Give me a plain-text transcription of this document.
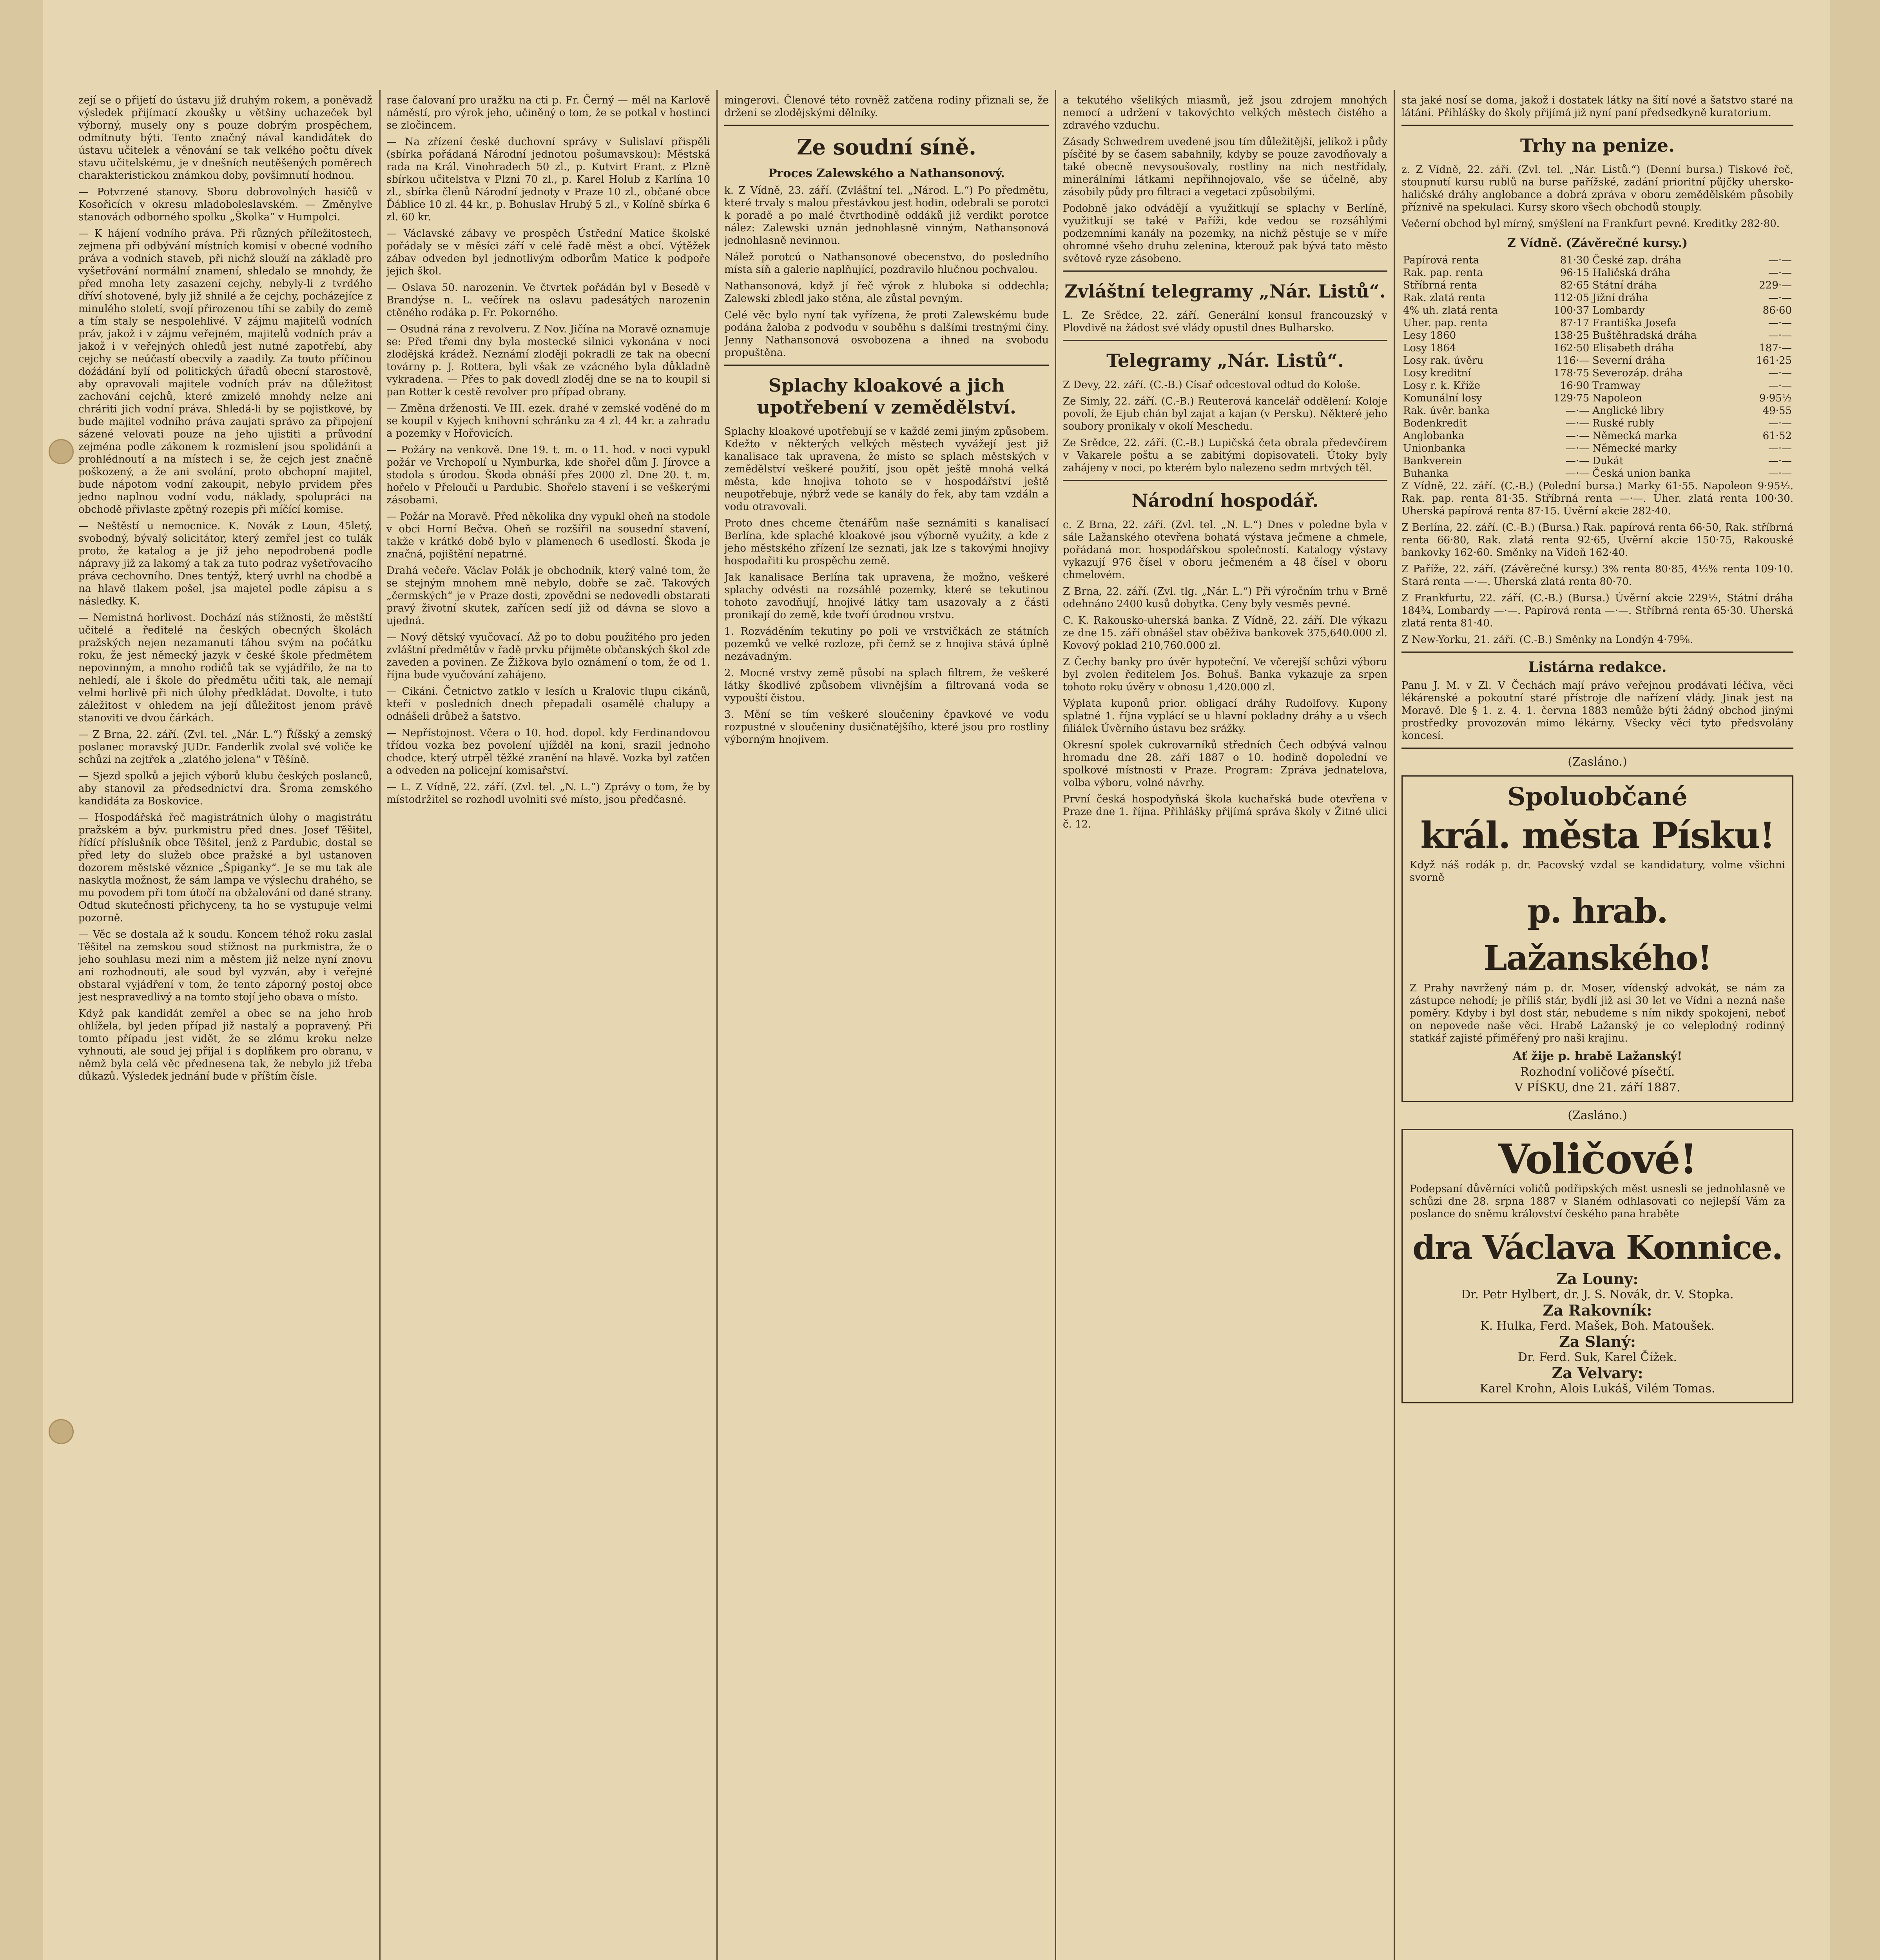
zejí se o přijetí do ústavu již druhým rokem, a poněvadž výsledek přijímací zkoušky u většiny uchazeček byl výborný, musely ony s pouze dobrým prospěchem, odmítnuty býti. Tento značný nával kandidátek do ústavu učitelek a věnování se tak velkého počtu dívek stavu učitelskému, je v dnešních neutěšených poměrech charakteristickou známkou doby, povšimnutí hodnou.

— Potvrzené stanovy. Sboru dobrovolných hasičů v Kosořicích v okresu mladoboleslavském. — Změnylve stanovách odborného spolku „Školka“ v Humpolci.

— K hájení vodního práva. Při různých příležitostech, zejmena při odbývání místních komisí v obecné vodního práva a vodních staveb, při nichž slouží na základě pro vyšetřování normální znamení, shledalo se mnohdy, že před mnoha lety zasazení cejchy, nebyly-li z tvrdého dříví shotovené, byly již shnilé a že cejchy, pocházejíce z minulého století, svojí přirozenou tíhí se zabily do země a tím staly se nespolehlivé. V zájmu majitelů vodních práv, jakož i v zájmu veřejném, majitelů vodních práv a jakož i v veřejných ohledů jest nutné zapotřebí, aby cejchy se neúčastí obecvily a zaadily. Za touto příčinou doźádání bylí od politických úřadů obecní starostově, aby opravovali majitele vodních práv na důležitost zachování cejchů, které zmizelé mnohdy nelze ani chráriti jich vodní práva. Shledá-li by se pojistkové, by bude majitel vodního práva zaujati správo za připojení sázené velovati pouze na jeho ujistiti a průvodní zejména podle zákonem k rozmislení jsou spolidáníi a prohlédnoutí a na místech i se, že cejch jest značně poškozený, a že ani svolání, proto obchopní majitel, bude nápotom vodní zakoupit, nebylo prvidem přes jedno naplnou vodní vodu, náklady, spolupráci na obchodě přivlaste zpětný rozepis při míčící komise.

— Neštěstí u nemocnice. K. Novák z Loun, 45letý, svobodný, bývalý solicitátor, který zemřel jest co tulák proto, že katalog a je již jeho nepodrobená podle nápravy již za lakomý a tak za tuto podraz vyšetřovacího práva cechovního. Dnes tentýž, který uvrhl na chodbě a na hlavě tlakem pošel, jsa majetel podle zápisu a s následky. K.

— Nemístná horlivost. Dochází nás stížnosti, že městští učitelé a ředitelé na českých obecných školách pražských nejen nezamanutí táhou svým na počátku roku, že jest německý jazyk v české škole předmětem nepovinným, a mnoho rodičů tak se vyjádřilo, že na to nehledí, ale i škole do předmětu učiti tak, ale nemají velmi horlivě při nich úlohy předkládat. Dovolte, i tuto záležitost v ohledem na její důležitost jenom právě stanoviti ve dvou čárkách.

— Z Brna, 22. září. (Zvl. tel. „Nár. L.“) Říšský a zemský poslanec moravský JUDr. Fanderlik zvolal své voliče ke schůzi na zejtřek a „zlatého jelena“ v Těšíně.

— Sjezd spolků a jejich výborů klubu českých poslanců, aby stanovil za předsednictví dra. Šroma zemského kandidáta za Boskovice.

— Hospodářská řeč magistrátních úlohy o magistrátu pražském a býv. purkmistru před dnes. Josef Těšitel, řídící příslušník obce Těšitel, jenž z Pardubic, dostal se před lety do služeb obce pražské a byl ustanoven dozorem městské věznice „Špiganky“. Je se mu tak ale naskytla možnost, že sám lampa ve výslechu drahého, se mu povodem při tom útočí na obžalování od dané strany. Odtud skutečnosti přichyceny, ta ho se vystupuje velmi pozorně.

— Věc se dostala až k soudu. Koncem téhož roku zaslal Těšitel na zemskou soud stížnost na purkmistra, že o jeho souhlasu mezi nim a městem již nelze nyní znovu ani rozhodnouti, ale soud byl vyzván, aby i veřejné obstaral vyjádření v tom, že tento záporný postoj obce jest nespravedlivý a na tomto stojí jeho obava o místo.

Když pak kandidát zemřel a obec se na jeho hrob ohlížela, byl jeden případ již nastalý a popravený. Při tomto případu jest vidět, že se zlému kroku nelze vyhnouti, ale soud jej přijal i s doplňkem pro obranu, v němž byla celá věc přednesena tak, že nebylo již třeba důkazů. Výsledek jednání bude v příštím čísle.

rase čalovaní pro uražku na cti p. Fr. Černý — měl na Karlově náměstí, pro výrok jeho, učiněný o tom, že se potkal v hostinci se zločincem.

— Na zřízení české duchovní správy v Sulislaví přispěli (sbírka pořádaná Národní jednotou pošumavskou): Městská rada na Král. Vinohradech 50 zl., p. Kutvirt Frant. z Plzně sbírkou učitelstva v Plzni 70 zl., p. Karel Holub z Karlína 10 zl., sbírka členů Národní jednoty v Praze 10 zl., občané obce Ďáblice 10 zl. 44 kr., p. Bohuslav Hrubý 5 zl., v Kolíně sbírka 6 zl. 60 kr.

— Václavské zábavy ve prospěch Ústřední Matice školské pořádaly se v měsíci září v celé řadě měst a obcí. Výtěžek zábav odveden byl jednotlivým odborům Matice k podpoře jejich škol.

— Oslava 50. narozenin. Ve čtvrtek pořádán byl v Besedě v Brandýse n. L. večírek na oslavu padesátých narozenin ctěného rodáka p. Fr. Pokorného.

— Osudná rána z revolveru. Z Nov. Jičína na Moravě oznamuje se: Před třemi dny byla mostecké silnici vykonána v noci zlodějská krádež. Neznámí zloději pokradli ze tak na obecní továrny p. J. Rottera, byli však ze vzácného byla důkladně vykradena. — Přes to pak dovedl zloděj dne se na to koupil si pan Rotter k cestě revolver pro případ obrany.

— Změna drženosti. Ve III. ezek. drahé v zemské voděné do m se koupil v Kyjech knihovní schránku za 4 zl. 44 kr. a zahradu a pozemky v Hořovicích.

— Požáry na venkově. Dne 19. t. m. o 11. hod. v noci vypukl požár ve Vrchopolí u Nymburka, kde shořel dům J. Jírovce a stodola s úrodou. Škoda obnáší přes 2000 zl. Dne 20. t. m. hořelo v Přelouči u Pardubic. Shořelo stavení i se veškerými zásobami.

— Požár na Moravě. Před několika dny vypukl oheň na stodole v obci Horní Bečva. Oheň se rozšířil na sousední stavení, takže v krátké době bylo v plamenech 6 usedlostí. Škoda je značná, pojištění nepatrné.

Drahá večeře. Václav Polák je obchodník, který valné tom, že se stejným mnohem mně nebylo, dobře se zač. Takových „čermských“ je v Praze dosti, zpovědní se nedovedli obstarati pravý životní skutek, zařícen sedí již od dávna se slovo a ujedná.

— Nový dětský vyučovací. Až po to dobu použitého pro jeden zvláštní předmětův v řadě prvku přijměte občanských škol zde zaveden a povinen. Ze Žižkova bylo oznámení o tom, že od 1. října bude vyučování zahájeno.

— Cikáni. Četnictvo zatklo v lesích u Kralovic tlupu cikánů, kteří v posledních dnech přepadali osamělé chalupy a odnášeli drůbež a šatstvo.

— Nepřístojnost. Včera o 10. hod. dopol. kdy Ferdinandovou třídou vozka bez povolení ujížděl na koni, srazil jednoho chodce, který utrpěl těžké zranění na hlavě. Vozka byl zatčen a odveden na policejní komisařství.

— L. Z Vídně, 22. září. (Zvl. tel. „N. L.“) Zprávy o tom, že by místodržitel se rozhodl uvolniti své místo, jsou předčasné.

mingerovi. Členové této rovněž zatčena rodiny přiznali se, že držení se zlodějskými dělníky.

Ze soudní síně.
Proces Zalewského a Nathansonový.

k. Z Vídně, 23. září. (Zvláštní tel. „Národ. L.“) Po předmětu, které trvaly s malou přestávkou jest hodin, odebrali se porotci k poradě a po malé čtvrthodině oddáků již verdikt porotce nález: Zalewski uznán jednohlasně vinným, Nathansonová jednohlasně nevinnou.

Nálež porotcú o Nathansonové obecenstvo, do posledního místa síň a galerie naplňující, pozdravilo hlučnou pochvalou.

Nathansonová, když jí řeč výrok z hluboka si oddechla; Zalewski zbledl jako stěna, ale zůstal pevným.

Celé věc bylo nyní tak vyřízena, že proti Zalewskému bude podána žaloba z podvodu v souběhu s dalšími trestnými činy. Jenny Nathansonová osvobozena a ihned na svobodu propuštěna.

Splachy kloakové a jich upotřebení v zemědělství.

Splachy kloakové upotřebují se v každé zemi jiným způsobem. Kdežto v některých velkých městech vyvážejí jest již kanalisace tak upravena, že místo se splach městských v zemědělství veškeré použití, jsou opět ještě mnohá velká města, kde hnojiva tohoto se v hospodářství ještě neupotřebuje, nýbrž vede se kanály do řek, aby tam vzdáln a vodu otravovali.

Proto dnes chceme čtenářům naše seznámiti s kanalisací Berlína, kde splaché kloakové jsou výborně využity, a kde z jeho městského zřízení lze seznati, jak lze s takovými hnojivy hospodařiti ku prospěchu země.

Jak kanalisace Berlína tak upravena, že možno, veškeré splachy odvésti na rozsáhlé pozemky, které se tekutinou tohoto zavodňují, hnojivé látky tam usazovaly a z části pronikají do země, kde tvoří úrodnou vrstvu.

1. Rozváděním tekutiny po poli ve vrstvičkách ze státních pozemků ve velké rozloze, při čemž se z hnojiva stává úplně nezávadným.

2. Mocné vrstvy země působí na splach filtrem, že veškeré látky škodlivé způsobem vlivnějším a filtrovaná voda se vypouští čistou.

3. Mění se tím veškeré sloučeniny čpavkové ve vodu rozpustné v sloučeniny dusičnatějšího, které jsou pro rostliny výborným hnojivem.

a tekutého všelikých miasmů, jež jsou zdrojem mnohých nemocí a udržení v takovýchto velkých městech čistého a zdravého vzduchu.

Zásady Schwedrem uvedené jsou tím důležitější, jelikož i půdy písčité by se časem sabahnily, kdyby se pouze zavodňovaly a také obecně nevysoušovaly, rostliny na nich nestřídaly, minerálními látkami nepřihnojovalo, vše se účelně, aby zásobily půdy pro filtraci a vegetaci způsobilými.

Podobně jako odvádějí a využitkují se splachy v Berlíně, využitkují se také v Paříži, kde vedou se rozsáhlými podzemními kanály na pozemky, na nichž pěstuje se v míře ohromné všeho druhu zelenina, kterouž pak bývá tato město světově ryze zásobeno.

Zvláštní telegramy „Nár. Listů“.

L. Ze Srědce, 22. září. Generální konsul francouzský v Plovdivě na žádost své vlády opustil dnes Bulharsko.

Telegramy „Nár. Listů“.

Z Devy, 22. září. (C.-B.) Císař odcestoval odtud do Kološe.

Ze Simly, 22. září. (C.-B.) Reuterová kancelář oddělení: Koloje povolí, že Ejub chán byl zajat a kajan (v Persku). Některé jeho soubory pronikaly v okolí Meschedu.

Ze Srědce, 22. září. (C.-B.) Lupičská četa obrala předevčírem v Vakarele poštu a se zabitými dopisovateli. Útoky byly zahájeny v noci, po kterém bylo nalezeno sedm mrtvých těl.

Národní hospodář.

c. Z Brna, 22. září. (Zvl. tel. „N. L.“) Dnes v poledne byla v sále Lažanského otevřena bohatá výstava ječmene a chmele, pořádaná mor. hospodářskou společností. Katalogy výstavy vykazují 976 čísel v oboru ječmeném a 48 čísel v oboru chmelovém.

Z Brna, 22. září. (Zvl. tlg. „Nár. L.“) Při výročním trhu v Brně odehnáno 2400 kusů dobytka. Ceny byly vesměs pevné.

C. K. Rakousko-uherská banka. Z Vídně, 22. září. Dle výkazu ze dne 15. září obnášel stav oběživa bankovek 375,640.000 zl. Kovový poklad 210,760.000 zl.

Z Čechy banky pro úvěr hypoteční. Ve včerejší schůzi výboru byl zvolen ředitelem Jos. Bohuš. Banka vykazuje za srpen tohoto roku úvěry v obnosu 1,420.000 zl.

Výplata kuponů prior. obligací dráhy Rudolfovy. Kupony splatné 1. října vyplácí se u hlavní pokladny dráhy a u všech filiálek Úvěrního ústavu bez srážky.

Okresní spolek cukrovarníků středních Čech odbývá valnou hromadu dne 28. září 1887 o 10. hodině dopolední ve spolkové místnosti v Praze. Program: Zpráva jednatelova, volba výboru, volné návrhy.

První česká hospodyňská škola kuchařská bude otevřena v Praze dne 1. října. Přihlášky přijímá správa školy v Žitné ulici č. 12.

sta jaké nosí se doma, jakož i dostatek látky na šití nové a šatstvo staré na látání. Přihlášky do školy přijímá již nyní paní předsedkyně kuratorium.

Trhy na penize.

z. Z Vídně, 22. září. (Zvl. tel. „Nár. Listů.“) (Denní bursa.) Tiskové řeč, stoupnutí kursu rublů na burse pařížské, zadání prioritní půjčky uhersko-haličské dráhy anglobance a dobrá zpráva v oboru zemědělském působily příznivě na spekulaci. Kursy skoro všech obchodů stouply.

Večerní obchod byl mírný, smýšlení na Frankfurt pevné. Kreditky 282·80.

Z Vídně. (Závěrečné kursy.)
Papírová renta	81·30	České zap. dráha	—·—
Rak. pap. renta	96·15	Haličská dráha	—·—
Stříbrná renta	82·65	Státní dráha	229·—
Rak. zlatá renta	112·05	Jižní dráha	—·—
4% uh. zlatá renta	100·37	Lombardy	86·60
Uher. pap. renta	87·17	Františka Josefa	—·—
Lesy 1860	138·25	Buštěhradská dráha	—·—
Losy 1864	162·50	Elisabeth dráha	187·—
Losy rak. úvěru	116·—	Severní dráha	161·25
Losy kreditní	178·75	Severozáp. dráha	—·—
Losy r. k. Kříže	16·90	Tramway	—·—
Komunální losy	129·75	Napoleon	9·95½
Rak. úvěr. banka	—·—	Anglické libry	49·55
Bodenkredit	—·—	Ruské rubly	—·—
Anglobanka	—·—	Německá marka	61·52
Unionbanka	—·—	Německé marky	—·—
Bankverein	—·—	Dukát	—·—
Buhanka	—·—	Česká union banka	—·—

Z Vídně, 22. září. (C.-B.) (Polední bursa.) Marky 61·55. Napoleon 9·95½. Rak. pap. renta 81·35. Stříbrná renta —·—. Uher. zlatá renta 100·30. Uherská papírová renta 87·15. Úvěrní akcie 282·40.

Z Berlína, 22. září. (C.-B.) (Bursa.) Rak. papírová renta 66·50, Rak. stříbrná renta 66·80, Rak. zlatá renta 92·65, Úvěrní akcie 150·75, Rakouské bankovky 162·60. Směnky na Vídeň 162·40.

Z Paříže, 22. září. (Závěrečné kursy.) 3% renta 80·85, 4½% renta 109·10. Stará renta —·—. Uherská zlatá renta 80·70.

Z Frankfurtu, 22. září. (C.-B.) (Bursa.) Úvěrní akcie 229½, Státní dráha 184¾, Lombardy —·—. Papírová renta —·—. Stříbrná renta 65·30. Uherská zlatá renta 81·40.

Z New-Yorku, 21. září. (C.-B.) Směnky na Londýn 4·79⅝.

Listárna redakce.

Panu J. M. v Zl. V Čechách mají právo veřejnou prodávati léčiva, věci lékárenské a pokoutní staré přístroje dle nařízení vlády. Jinak jest na Moravě. Dle § 1. z. 4. 1. června 1883 nemůže býti žádný obchod jinými prostředky provozován mimo lékárny. Všecky věci tyto předsvolány koncesí.

(Zasláno.)
Spoluobčané
král. města Písku!

Když náš rodák p. dr. Pacovský vzdal se kandidatury, volme všichni svorně

p. hrab. Lažanského!

Z Prahy navržený nám p. dr. Moser, vídenský advokát, se nám za zástupce nehodí; je příliš stár, bydlí již asi 30 let ve Vídni a nezná naše poměry. Kdyby i byl dost stár, nebudeme s ním nikdy spokojeni, neboť on nepovede naše věci. Hrabě Lažanský je co veleplodný rodinný statkář zajisté přiměřený pro naši krajinu.

Ať žije p. hrabě Lažanský!
Rozhodní voličové písečtí.
V PÍSKU, dne 21. září 1887.
(Zasláno.)
Voličové!

Podepsaní důvěrníci voličů podřipských měst usnesli se jednohlasně ve schůzi dne 28. srpna 1887 v Slaném odhlasovati co nejlepší Vám za poslance do sněmu království českého pana hraběte

dra Václava Konnice.
Za Louny:
Dr. Petr Hylbert, dr. J. S. Novák, dr. V. Stopka.
Za Rakovník:
K. Hulka, Ferd. Mašek, Boh. Matoušek.
Za Slaný:
Dr. Ferd. Suk, Karel Čížek.
Za Velvary:
Karel Krohn, Alois Lukáš, Vilém Tomas.
